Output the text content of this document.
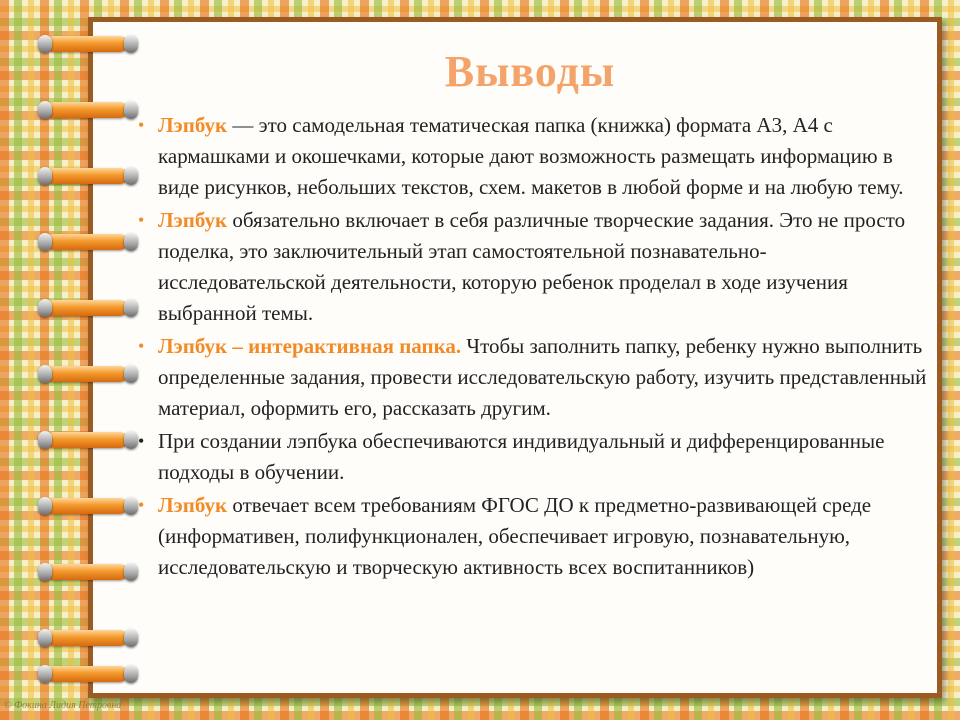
Выводы
• Лэпбук — это самодельная тематическая папка (книжка) формата А3, А4 с кармашками и окошечками, которые дают возможность размещать информацию в виде рисунков, небольших текстов, схем. макетов в любой форме и на любую тему.
• Лэпбук обязательно включает в себя различные творческие задания. Это не просто поделка, это заключительный этап самостоятельной познавательно- исследовательской деятельности, которую ребенок проделал в ходе изучения выбранной темы.
• Лэпбук – интерактивная папка. Чтобы заполнить папку, ребенку нужно выполнить определенные задания, провести исследовательскую работу, изучить представленный материал, оформить его, рассказать другим.
• При создании лэпбука обеспечиваются индивидуальный и дифференцированные подходы в обучении.
• Лэпбук отвечает всем требованиям ФГОС ДО к предметно-развивающей среде (информативен, полифункционален, обеспечивает игровую, познавательную, исследовательскую и творческую активность всех воспитанников)
© Фокина Лидия Петровна
